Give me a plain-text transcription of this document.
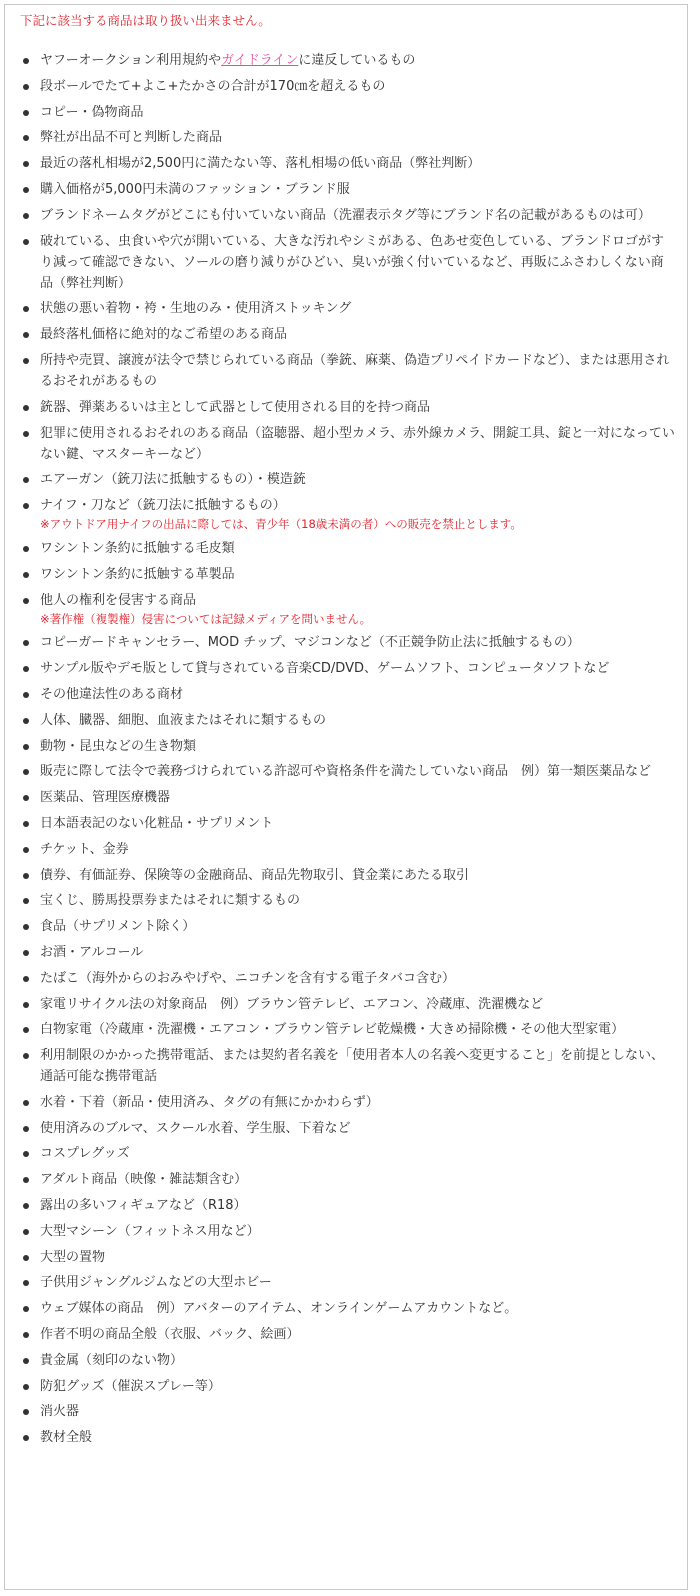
下記に該当する商品は取り扱い出来ません。
ヤフーオークション利用規約やガイドラインに違反しているもの
段ボールでたて+よこ+たかさの合計が170㎝を超えるもの
コピー・偽物商品
弊社が出品不可と判断した商品
最近の落札相場が2,500円に満たない等、落札相場の低い商品（弊社判断）
購入価格が5,000円未満のファッション・ブランド服
ブランドネームタグがどこにも付いていない商品（洗濯表示タグ等にブランド名の記載があるものは可）
破れている、虫食いや穴が開いている、大きな汚れやシミがある、色あせ変色している、ブランドロゴがすり減って確認できない、ソールの磨り減りがひどい、臭いが強く付いているなど、再販にふさわしくない商品（弊社判断）
状態の悪い着物・袴・生地のみ・使用済ストッキング
最終落札価格に絶対的なご希望のある商品
所持や売買、譲渡が法令で禁じられている商品（拳銃、麻薬、偽造プリペイドカードなど）、または悪用されるおそれがあるもの
銃器、弾薬あるいは主として武器として使用される目的を持つ商品
犯罪に使用されるおそれのある商品（盗聴器、超小型カメラ、赤外線カメラ、開錠工具、錠と一対になっていない鍵、マスターキーなど）
エアーガン（銃刀法に抵触するもの）・模造銃
ナイフ・刀など（銃刀法に抵触するもの）
※アウトドア用ナイフの出品に際しては、青少年（18歳未満の者）への販売を禁止とします。
ワシントン条約に抵触する毛皮類
ワシントン条約に抵触する革製品
他人の権利を侵害する商品
※著作権（複製権）侵害については記録メディアを問いません。
コピーガードキャンセラー、MOD チップ、マジコンなど（不正競争防止法に抵触するもの）
サンプル版やデモ版として貸与されている音楽CD/DVD、ゲームソフト、コンピュータソフトなど
その他違法性のある商材
人体、臓器、細胞、血液またはそれに類するもの
動物・昆虫などの生き物類
販売に際して法令で義務づけられている許認可や資格条件を満たしていない商品　例）第一類医薬品など
医薬品、管理医療機器
日本語表記のない化粧品・サプリメント
チケット、金券
債券、有価証券、保険等の金融商品、商品先物取引、貸金業にあたる取引
宝くじ、勝馬投票券またはそれに類するもの
食品（サプリメント除く）
お酒・アルコール
たばこ（海外からのおみやげや、ニコチンを含有する電子タバコ含む）
家電リサイクル法の対象商品　例）ブラウン管テレビ、エアコン、冷蔵庫、洗濯機など
白物家電（冷蔵庫・洗濯機・エアコン・ブラウン管テレビ乾燥機・大きめ掃除機・その他大型家電）
利用制限のかかった携帯電話、または契約者名義を「使用者本人の名義へ変更すること」を前提としない、通話可能な携帯電話
水着・下着（新品・使用済み、タグの有無にかかわらず）
使用済みのブルマ、スクール水着、学生服、下着など
コスプレグッズ
アダルト商品（映像・雑誌類含む）
露出の多いフィギュアなど（R18）
大型マシーン（フィットネス用など）
大型の置物
子供用ジャングルジムなどの大型ホビー
ウェブ媒体の商品　例）アバターのアイテム、オンラインゲームアカウントなど。
作者不明の商品全般（衣服、バック、絵画）
貴金属（刻印のない物）
防犯グッズ（催涙スプレー等）
消火器
教材全般
